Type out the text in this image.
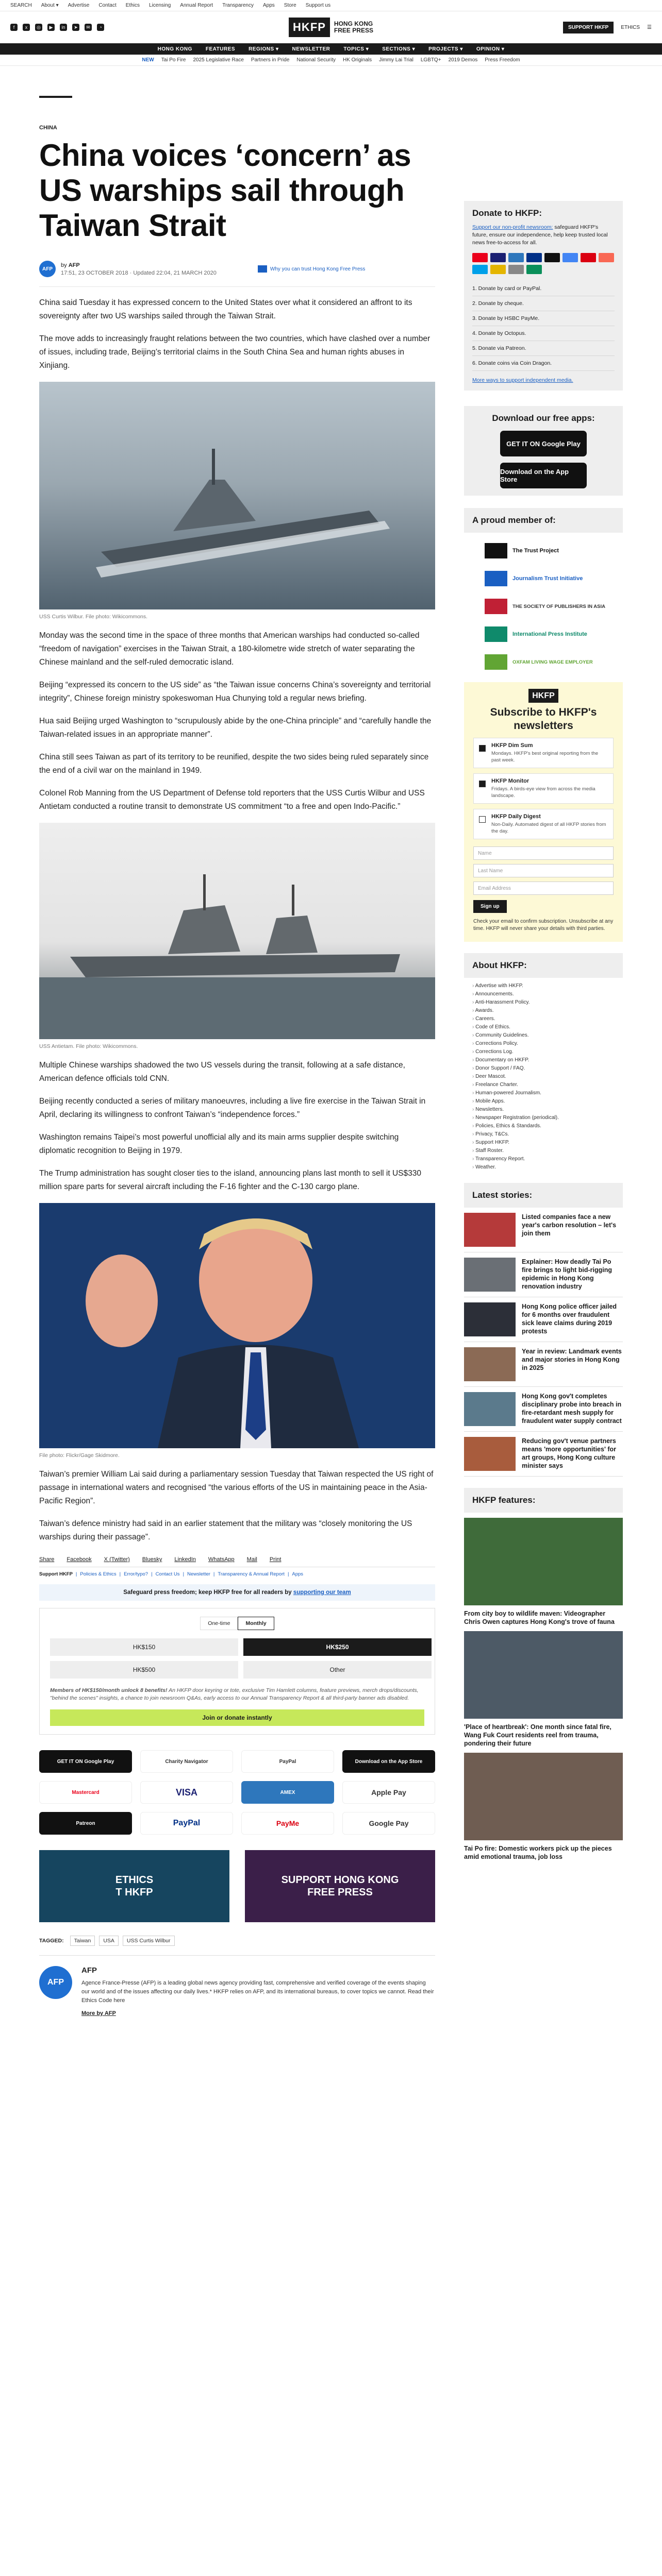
SEARCH About ▾ Advertise Contact Ethics Licensing Annual Report Transparency Apps Store Support us
f	x	◎	▶	in	➤	✉	◔	HKFP	HONG KONG
FREE PRESS	SUPPORT HKFP	ETHICS ☰
HONG KONG	FEATURES	REGIONS ▾	NEWSLETTER	TOPICS ▾	SECTIONS ▾	PROJECTS ▾	OPINION ▾
NEW Tai Po Fire 2025 Legislative Race Partners in Pride National Security HK Originals Jimmy Lai Trial LGBTQ+ 2019 Demos Press Freedom
CHINA
China voices ‘concern’ as US warships sail through Taiwan Strait
AFP
by AFP
17:51, 23 OCTOBER 2018 · Updated 22:04, 21 MARCH 2020
Why you can trust Hong Kong Free Press

China said Tuesday it has expressed concern to the United States over what it considered an affront to its sovereignty after two US warships sailed through the Taiwan Strait.

The move adds to increasingly fraught relations between the two countries, which have clashed over a number of issues, including trade, Beijing’s territorial claims in the South China Sea and human rights abuses in Xinjiang.

USS Curtis Wilbur. File photo: Wikicommons.

Monday was the second time in the space of three months that American warships had conducted so-called “freedom of navigation” exercises in the Taiwan Strait, a 180-kilometre wide stretch of water separating the Chinese mainland and the self-ruled democratic island.

Beijing “expressed its concern to the US side” as “the Taiwan issue concerns China’s sovereignty and territorial integrity”, Chinese foreign ministry spokeswoman Hua Chunying told a regular news briefing.

Hua said Beijing urged Washington to “scrupulously abide by the one-China principle” and “carefully handle the Taiwan-related issues in an appropriate manner”.

China still sees Taiwan as part of its territory to be reunified, despite the two sides being ruled separately since the end of a civil war on the mainland in 1949.

Colonel Rob Manning from the US Department of Defense told reporters that the USS Curtis Wilbur and USS Antietam conducted a routine transit to demonstrate US commitment “to a free and open Indo-Pacific.”

USS Antietam. File photo: Wikicommons.

Multiple Chinese warships shadowed the two US vessels during the transit, following at a safe distance, American defence officials told CNN.

Beijing recently conducted a series of military manoeuvres, including a live fire exercise in the Taiwan Strait in April, declaring its willingness to confront Taiwan’s “independence forces.”

Washington remains Taipei’s most powerful unofficial ally and its main arms supplier despite switching diplomatic recognition to Beijing in 1979.

The Trump administration has sought closer ties to the island, announcing plans last month to sell it US$330 million spare parts for several aircraft including the F-16 fighter and the C-130 cargo plane.

File photo: Flickr/Gage Skidmore.

Taiwan’s premier William Lai said during a parliamentary session Tuesday that Taiwan respected the US right of passage in international waters and recognised “the various efforts of the US in maintaining peace in the Asia-Pacific Region”.

Taiwan’s defence ministry had said in an earlier statement that the military was “closely monitoring the US warships during their passage”.

Share Facebook X (Twitter) Bluesky LinkedIn WhatsApp Mail Print
Support HKFP | Policies & Ethics | Error/typo? | Contact Us | Newsletter | Transparency & Annual Report | Apps
Safeguard press freedom; keep HKFP free for all readers by supporting our team
One-time	Monthly
HK$150	HK$250
HK$500	Other
Members of HK$150/month unlock 8 benefits! An HKFP door keyring or tote, exclusive Tim Hamlett columns, feature previews, merch drops/discounts, "behind the scenes" insights, a chance to join newsroom Q&As, early access to our Annual Transparency Report & all third-party banner ads disabled.
Join or donate instantly
GET IT ON Google Play	Charity Navigator	PayPal	Download on the App Store
Mastercard	VISA	AMEX	Apple Pay
Patreon	PayPal	PayMe	Google Pay
ETHICS
T HKFP
SUPPORT HONG KONG
FREE PRESS
TAGGED:	Taiwan	USA	USS Curtis Wilbur
AFP
AFP

Agence France-Presse (AFP) is a leading global news agency providing fast, comprehensive and verified coverage of the events shaping our world and of the issues affecting our daily lives.* HKFP relies on AFP, and its international bureaus, to cover topics we cannot. Read their Ethics Code here

More by AFP
Donate to HKFP:

Support our non-profit newsroom: safeguard HKFP's future, ensure our independence, help keep trusted local news free-to-access for all.

1. Donate by card or PayPal.
2. Donate by cheque.
3. Donate by HSBC PayMe.
4. Donate by Octopus.
5. Donate via Patreon.
6. Donate coins via Coin Dragon.
More ways to support independent media.
Download our free apps:
GET IT ON Google Play
Download on the App Store
A proud member of:
The Trust Project
Journalism Trust Initiative
THE SOCIETY OF PUBLISHERS IN ASIA
International Press Institute
OXFAM LIVING WAGE EMPLOYER
HKFP
Subscribe to HKFP's newsletters
HKFP Dim Sum
Mondays. HKFP's best original reporting from the past week.
HKFP Monitor
Fridays. A birds-eye view from across the media landscape.
HKFP Daily Digest
Non-Daily. Automated digest of all HKFP stories from the day.
Name
Last Name
Email Address
Sign up
Check your email to confirm subscription. Unsubscribe at any time. HKFP will never share your details with third parties.
About HKFP:
› Advertise with HKFP.
› Announcements.
› Anti-Harassment Policy.
› Awards.
› Careers.
› Code of Ethics.
› Community Guidelines.
› Corrections Policy.
› Corrections Log.
› Documentary on HKFP.
› Donor Support / FAQ.
› Deer Mascot.
› Freelance Charter.
› Human-powered Journalism.
› Mobile Apps.
› Newsletters.
› Newspaper Registration (periodical).
› Policies, Ethics & Standards.
› Privacy, T&Cs.
› Support HKFP.
› Staff Roster.
› Transparency Report.
› Weather.
Latest stories:
Listed companies face a new year's carbon resolution – let's join them
Explainer: How deadly Tai Po fire brings to light bid-rigging epidemic in Hong Kong renovation industry
Hong Kong police officer jailed for 6 months over fraudulent sick leave claims during 2019 protests
Year in review: Landmark events and major stories in Hong Kong in 2025
Hong Kong gov't completes disciplinary probe into breach in fire-retardant mesh supply for fraudulent water supply contract
Reducing gov't venue partners means 'more opportunities' for art groups, Hong Kong culture minister says
HKFP features:
From city boy to wildlife maven: Videographer Chris Owen captures Hong Kong's trove of fauna
'Place of heartbreak': One month since fatal fire, Wang Fuk Court residents reel from trauma, pondering their future
Tai Po fire: Domestic workers pick up the pieces amid emotional trauma, job loss
